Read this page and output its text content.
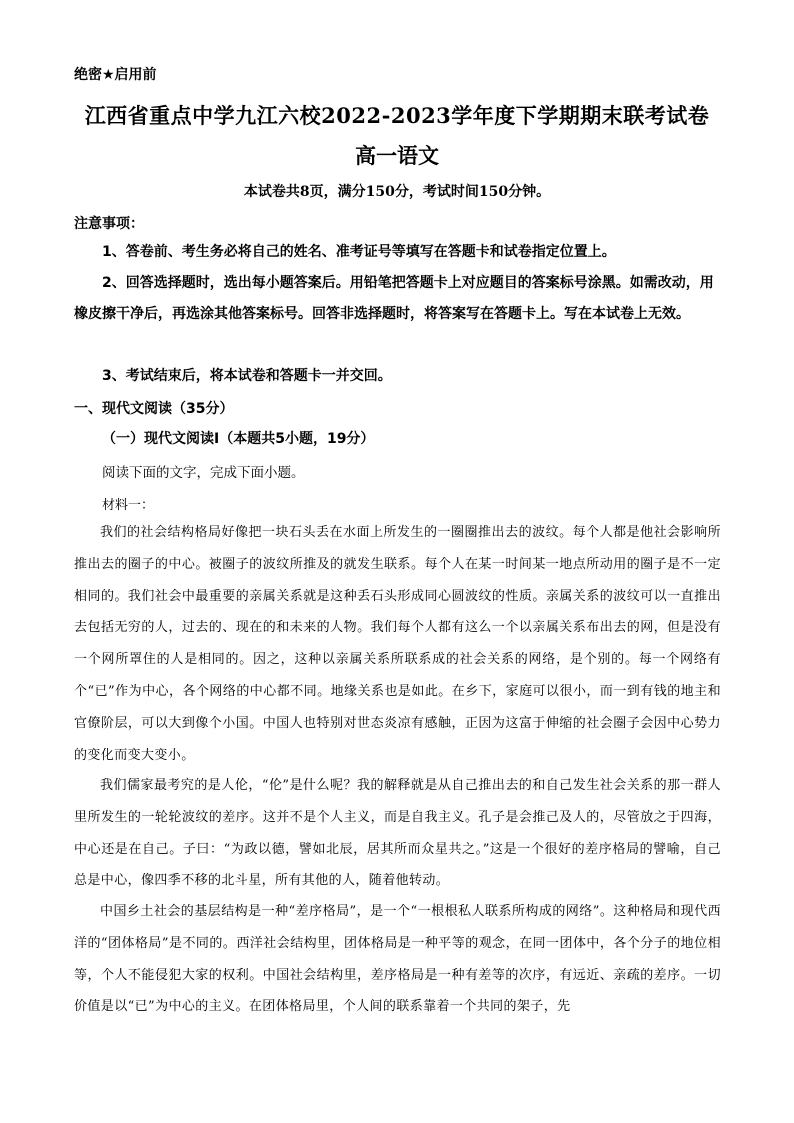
绝密★启用前
江西省重点中学九江六校2022-2023学年度下学期期末联考试卷
高一语文
本试卷共8页，满分150分，考试时间150分钟。
注意事项：

1、答卷前、考生务必将自己的姓名、准考证号等填写在答题卡和试卷指定位置上。

2、回答选择题时，选出每小题答案后。用铅笔把答题卡上对应题目的答案标号涂黑。如需改动，用橡皮擦干净后，再选涂其他答案标号。回答非选择题时，将答案写在答题卡上。写在本试卷上无效。

3、考试结束后，将本试卷和答题卡一并交回。

一、现代文阅读（35分）
（一）现代文阅读Ⅰ（本题共5小题，19分）
阅读下面的文字，完成下面小题。
材料一：

我们的社会结构格局好像把一块石头丢在水面上所发生的一圈圈推出去的波纹。每个人都是他社会影响所推出去的圈子的中心。被圈子的波纹所推及的就发生联系。每个人在某一时间某一地点所动用的圈子是不一定相同的。我们社会中最重要的亲属关系就是这种丢石头形成同心圆波纹的性质。亲属关系的波纹可以一直推出去包括无穷的人，过去的、现在的和未来的人物。我们每个人都有这么一个以亲属关系布出去的网，但是没有一个网所罩住的人是相同的。因之，这种以亲属关系所联系成的社会关系的网络，是个别的。每一个网络有个“已”作为中心，各个网络的中心都不同。地缘关系也是如此。在乡下，家庭可以很小，而一到有钱的地主和官僚阶层，可以大到像个小国。中国人也特别对世态炎凉有感触，正因为这富于伸缩的社会圈子会因中心势力的变化而变大变小。

我们儒家最考究的是人伦，“伦”是什么呢？我的解释就是从自己推出去的和自己发生社会关系的那一群人里所发生的一轮轮波纹的差序。这并不是个人主义，而是自我主义。孔子是会推己及人的，尽管放之于四海，中心还是在自己。子曰：“为政以德，譬如北辰，居其所而众星共之。”这是一个很好的差序格局的譬喻，自己总是中心，像四季不移的北斗星，所有其他的人，随着他转动。

中国乡土社会的基层结构是一种“差序格局”，是一个“一根根私人联系所构成的网络”。这种格局和现代西洋的“团体格局”是不同的。西洋社会结构里，团体格局是一种平等的观念，在同一团体中，各个分子的地位相等，个人不能侵犯大家的权利。中国社会结构里，差序格局是一种有差等的次序，有远近、亲疏的差序。一切价值是以“已”为中心的主义。在团体格局里，个人间的联系靠着一个共同的架子，先
